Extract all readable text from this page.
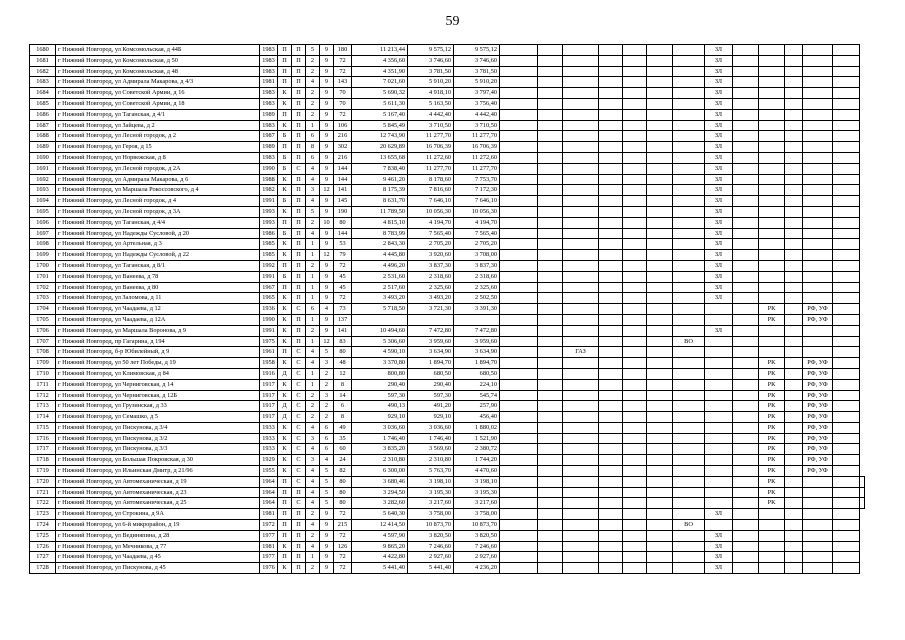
59
1680	г Нижний Новгород, ул Комсомольская, д 44Б	1983	П	П	5	9	180	11 213,44	9 575,12	9 575,12								ЗЛ						
1681	г Нижний Новгород, ул Комсомольская, д 50	1983	П	П	2	9	72	4 356,60	3 746,60	3 746,60								ЗЛ						
1682	г Нижний Новгород, ул Комсомольская, д 48	1983	П	П	2	9	72	4 351,90	3 781,50	3 781,50								ЗЛ						
1683	г Нижний Новгород, ул Адмирала Макарова, д 4/3	1981	П	П	4	9	143	7 021,60	5 910,20	5 910,20								ЗЛ						
1684	г Нижний Новгород, ул Советской Армии, д 16	1983	К	П	2	9	70	5 690,32	4 918,10	3 797,40								ЗЛ						
1685	г Нижний Новгород, ул Советской Армии, д 18	1983	К	П	2	9	70	5 611,30	5 163,50	3 756,40								ЗЛ						
1686	г Нижний Новгород, ул Таганская, д 4/1	1989	П	П	2	9	72	5 167,40	4 442,40	4 442,40								ЗЛ						
1687	г Нижний Новгород, ул Зайцева, д 2	1983	К	П	1	9	106	5 845,49	3 710,50	3 710,50								ЗЛ						
1688	г Нижний Новгород, ул Лесной городок, д 2	1987	Б	П	6	9	216	12 743,90	11 277,70	11 277,70								ЗЛ						
1689	г Нижний Новгород, ул Героя, д 15	1989	П	П	8	9	302	20 629,89	16 706,39	16 706,39								ЗЛ						
1690	г Нижний Новгород, ул Норвежская, д 8	1983	Б	П	6	9	216	13 655,68	11 272,60	11 272,60								ЗЛ						
1691	г Нижний Новгород, ул Лесной городок, д 2А	1990	Б	С	4	9	144	7 838,40	11 277,70	11 277,70								ЗЛ						
1692	г Нижний Новгород, ул Адмирала Макарова, д 6	1988	К	П	4	9	144	9 461,20	8 178,60	7 753,70								ЗЛ						
1693	г Нижний Новгород, ул Маршала Рокоссовского, д 4	1982	К	П	3	12	141	8 175,39	7 816,60	7 172,30								ЗЛ						
1694	г Нижний Новгород, ул Лесной городок, д 4	1991	Б	П	4	9	145	8 631,70	7 646,10	7 646,10								ЗЛ						
1695	г Нижний Новгород, ул Лесной городок, д 3А	1993	К	П	5	9	190	11 789,50	10 056,30	10 056,30								ЗЛ						
1696	г Нижний Новгород, ул Таганская, д 4/4	1993	П	П	2	10	80	4 815,10	4 194,70	4 194,70								ЗЛ						
1697	г Нижний Новгород, ул Надежды Сусловой, д 20	1986	Б	П	4	9	144	8 783,99	7 565,40	7 565,40								ЗЛ						
1698	г Нижний Новгород, ул Артельная, д 3	1985	К	П	1	9	53	2 843,30	2 705,20	2 705,20								ЗЛ						
1699	г Нижний Новгород, ул Надежды Сусловой, д 22	1985	К	П	1	12	79	4 445,80	3 920,60	3 708,00								ЗЛ						
1700	г Нижний Новгород, ул Таганская, д 8/1	1992	П	П	2	9	72	4 496,20	3 837,30	3 837,30								ЗЛ						
1701	г Нижний Новгород, ул Ванеева, д 78	1991	Б	П	1	9	45	2 531,60	2 318,60	2 318,60								ЗЛ						
1702	г Нижний Новгород, ул Ванеева, д 80	1967	П	П	1	9	45	2 517,60	2 325,60	2 325,60								ЗЛ						
1703	г Нижний Новгород, ул Заломова, д 11	1965	К	П	1	9	72	3 493,20	3 493,20	2 502,50								ЗЛ						
1704	г Нижний Новгород, ул Чаадаева, д 12	1936	К	С	6	4	73	5 718,50	3 721,30	3 391,30										РК		РФ, УФ		
1705	г Нижний Новгород, ул Чаадаева, д 12А	1990	К	П	1	9	137													РК		РФ, УФ		
1706	г Нижний Новгород, ул Маршала Воронова, д 9	1991	К	П	2	9	141	10 494,60	7 472,80	7 472,80								ЗЛ						
1707	г Нижний Новгород, пр Гагарина, д 194	1975	К	П	1	12	83	5 306,60	3 959,60	3 959,60							ВО							
1708	г Нижний Новгород, б-р Юбилейный, д 9	1961	П	С	4	5	80	4 590,10	3 634,90	3 634,90			ГАЗ											
1709	г Нижний Новгород, ул 50 лет Победы, д 19	1958	К	С	4	3	48	3 370,80	1 894,70	1 894,70										РК		РФ, УФ		
1710	г Нижний Новгород, ул Климовская, д 84	1916	Д	С	1	2	12	800,80	680,50	680,50										РК		РФ, УФ		
1711	г Нижний Новгород, ул Черниговская, д 14	1917	К	С	1	2	8	290,40	290,40	224,10										РК		РФ, УФ		
1712	г Нижний Новгород, ул Черниговская, д 12Б	1917	К	С	2	3	14	597,30	597,30	545,74										РК		РФ, УФ		
1713	г Нижний Новгород, ул Грузинская, д 33	1917	Д	С	2	2	6	490,13	491,20	257,90										РК		РФ, УФ		
1714	г Нижний Новгород, ул Семашко, д 5	1917	Д	С	2	2	8	929,10	929,10	456,40										РК		РФ, УФ		
1715	г Нижний Новгород, ул Пискунова, д 3/4	1933	К	С	4	6	49	3 036,60	3 036,60	1 880,02										РК		РФ, УФ		
1716	г Нижний Новгород, ул Пискунова, д 3/2	1933	К	С	3	6	35	1 746,40	1 746,40	1 521,90										РК		РФ, УФ		
1717	г Нижний Новгород, ул Пискунова, д 3/3	1933	К	С	4	6	60	3 835,20	3 569,60	2 380,72										РК		РФ, УФ		
1718	г Нижний Новгород, ул Большая Покровская, д 30	1929	К	С	3	4	24	2 310,80	2 310,80	1 744,20										РК		РФ, УФ		
1719	г Нижний Новгород, ул Ильинская Дмитр, д 21/96	1955	К	С	4	5	82	6 300,00	5 763,70	4 470,60										РК		РФ, УФ		
1720	г Нижний Новгород, ул Автомеханическая, д 19	1964	П	С	4	5	80	3 680,46	3 198,10	3 198,10										РК				
1721	г Нижний Новгород, ул Автомеханическая, д 23	1964	П	П	4	5	80	3 294,50	3 195,30	3 195,30										РК				
1722	г Нижний Новгород, ул Автомеханическая, д 25	1964	П	С	4	5	80	3 282,60	3 217,60	3 217,60										РК				
1723	г Нижний Новгород, ул Строкина, д 9А	1981	П	П	2	9	72	5 640,30	3 758,00	3 758,00								ЗЛ						
1724	г Нижний Новгород, ул 6-й микрорайон, д 19	1972	П	П	4	9	215	12 414,50	10 873,70	10 873,70							ВО							
1725	г Нижний Новгород, ул Вединяпина, д 28	1977	П	П	2	9	72	4 597,90	3 820,50	3 820,50								ЗЛ						
1726	г Нижний Новгород, ул Мечникова, д 77	1981	К	П	4	9	126	9 865,20	7 246,60	7 246,60								ЗЛ						
1727	г Нижний Новгород, ул Чаадаева, д 45	1977	П	П	1	9	72	4 422,80	2 927,60	2 927,60								ЗЛ						
1728	г Нижний Новгород, ул Пискунова, д 45	1976	К	П	2	9	72	5 441,40	5 441,40	4 236,20								ЗЛ						
